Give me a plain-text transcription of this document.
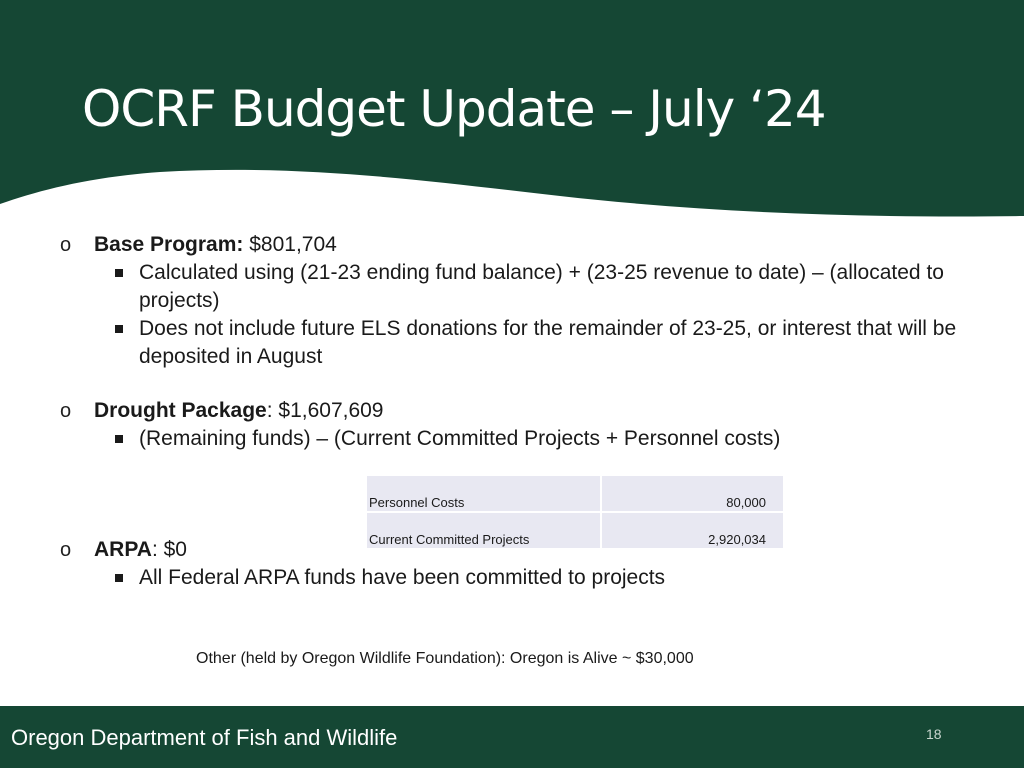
OCRF Budget Update – July ‘24
o Base Program: $801,704
Calculated using (21-23 ending fund balance) + (23-25 revenue to date) – (allocated to projects)
Does not include future ELS donations for the remainder of 23-25, or interest that will be deposited in August
o Drought Package: $1,607,609
(Remaining funds) – (Current Committed Projects + Personnel costs)
Personnel Costs	80,000
Current Committed Projects	2,920,034
o ARPA: $0
All Federal ARPA funds have been committed to projects
Other (held by Oregon Wildlife Foundation): Oregon is Alive ~ $30,000
Oregon Department of Fish and Wildlife	18
